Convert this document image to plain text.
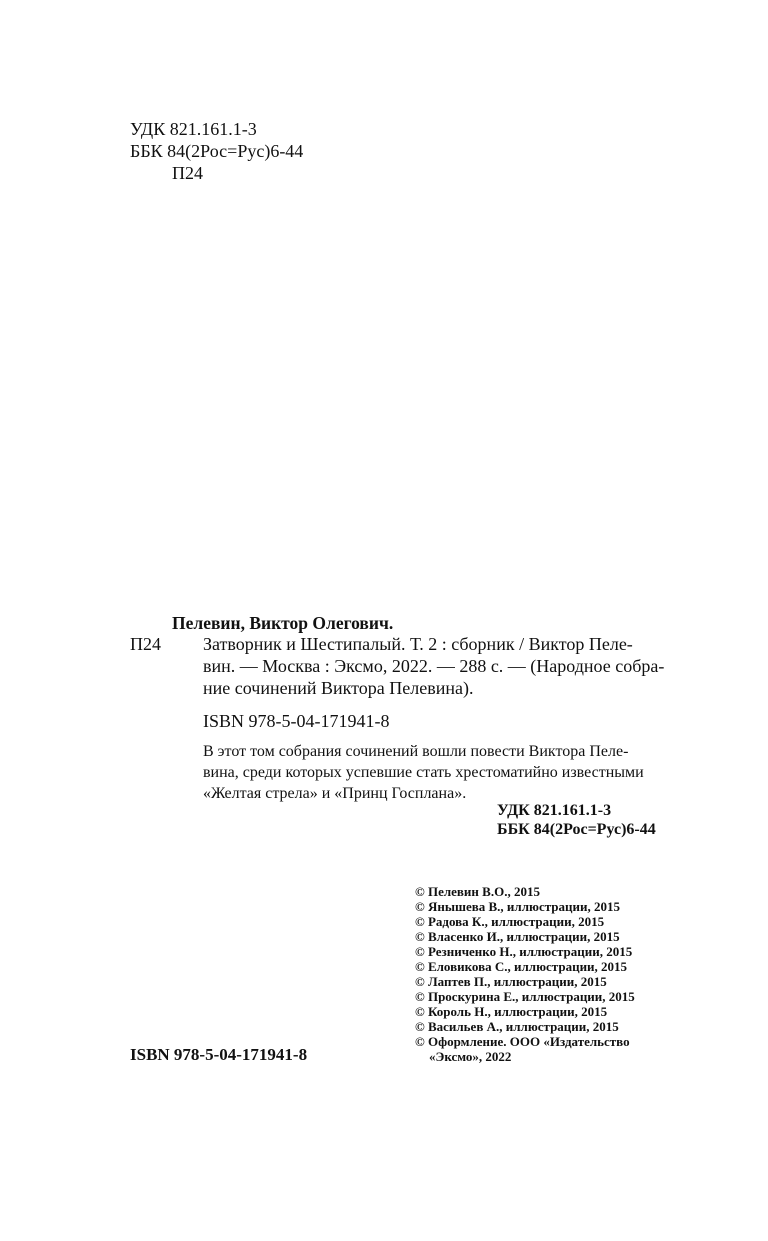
УДК 821.161.1-3
ББК 84(2Рос=Рус)6-44
П24
Пелевин, Виктор Олегович.
П24 Затворник и Шестипалый. Т. 2 : сборник / Виктор Пеле-
вин. — Москва : Эксмо, 2022. — 288 с. — (Народное собра-
ние сочинений Виктора Пелевина).
ISBN 978-5-04-171941-8
В этот том собрания сочинений вошли повести Виктора Пеле-
вина, среди которых успевшие стать хрестоматийно известными
«Желтая стрела» и «Принц Госплана».
УДК 821.161.1-3
ББК 84(2Рос=Рус)6-44
© Пелевин В.О., 2015
© Янышева В., иллюстрации, 2015
© Радова К., иллюстрации, 2015
© Власенко И., иллюстрации, 2015
© Резниченко Н., иллюстрации, 2015
© Еловикова С., иллюстрации, 2015
© Лаптев П., иллюстрации, 2015
© Проскурина Е., иллюстрации, 2015
© Король Н., иллюстрации, 2015
© Васильев А., иллюстрации, 2015
© Оформление. ООО «Издательство
«Эксмо», 2022
ISBN 978-5-04-171941-8
